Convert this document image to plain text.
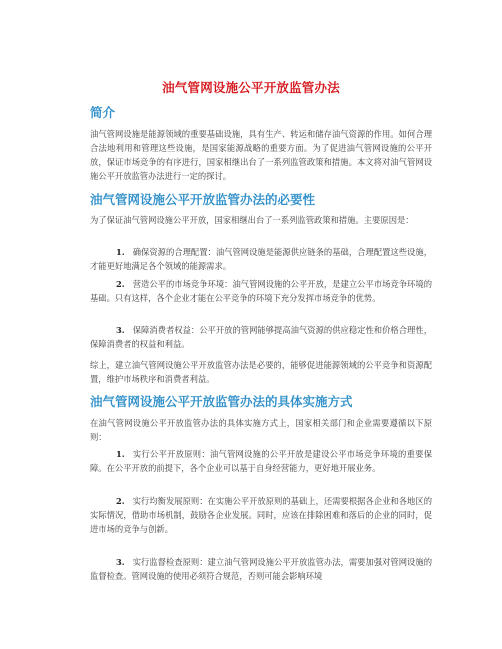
油气管网设施公平开放监管办法
简介
油气管网设施是能源领域的重要基础设施，具有生产、转运和储存油气资源的作用。如何合理合法地利用和管理这些设施，是国家能源战略的重要方面。为了促进油气管网设施的公平开放，保证市场竞争的有序进行，国家相继出台了一系列监管政策和措施。本文将对油气管网设施公平开放监管办法进行一定的探讨。
油气管网设施公平开放监管办法的必要性
为了保证油气管网设施公平开放，国家相继出台了一系列监管政策和措施。主要原因是：
1. 确保资源的合理配置：油气管网设施是能源供应链条的基础，合理配置这些设施，才能更好地满足各个领域的能源需求。
2. 营造公平的市场竞争环境：油气管网设施的公平开放，是建立公平市场竞争环境的基础。只有这样，各个企业才能在公平竞争的环境下充分发挥市场竞争的优势。
3. 保障消费者权益：公平开放的管网能够提高油气资源的供应稳定性和价格合理性，保障消费者的权益和利益。
综上，建立油气管网设施公平开放监管办法是必要的，能够促进能源领域的公平竞争和资源配置，维护市场秩序和消费者利益。
油气管网设施公平开放监管办法的具体实施方式
在油气管网设施公平开放监管办法的具体实施方式上，国家相关部门和企业需要遵循以下原则：
1. 实行公平开放原则：油气管网设施的公平开放是建设公平市场竞争环境的重要保障。在公平开放的前提下，各个企业可以基于自身经营能力，更好地开展业务。
2. 实行均衡发展原则：在实施公平开放原则的基础上，还需要根据各企业和各地区的实际情况，借助市场机制，鼓励各企业发展。同时，应该在排除困难和落后的企业的同时，促进市场的竞争与创新。
3. 实行监督检查原则：建立油气管网设施公平开放监管办法，需要加强对管网设施的监督检查。管网设施的使用必须符合规范，否则可能会影响环境
